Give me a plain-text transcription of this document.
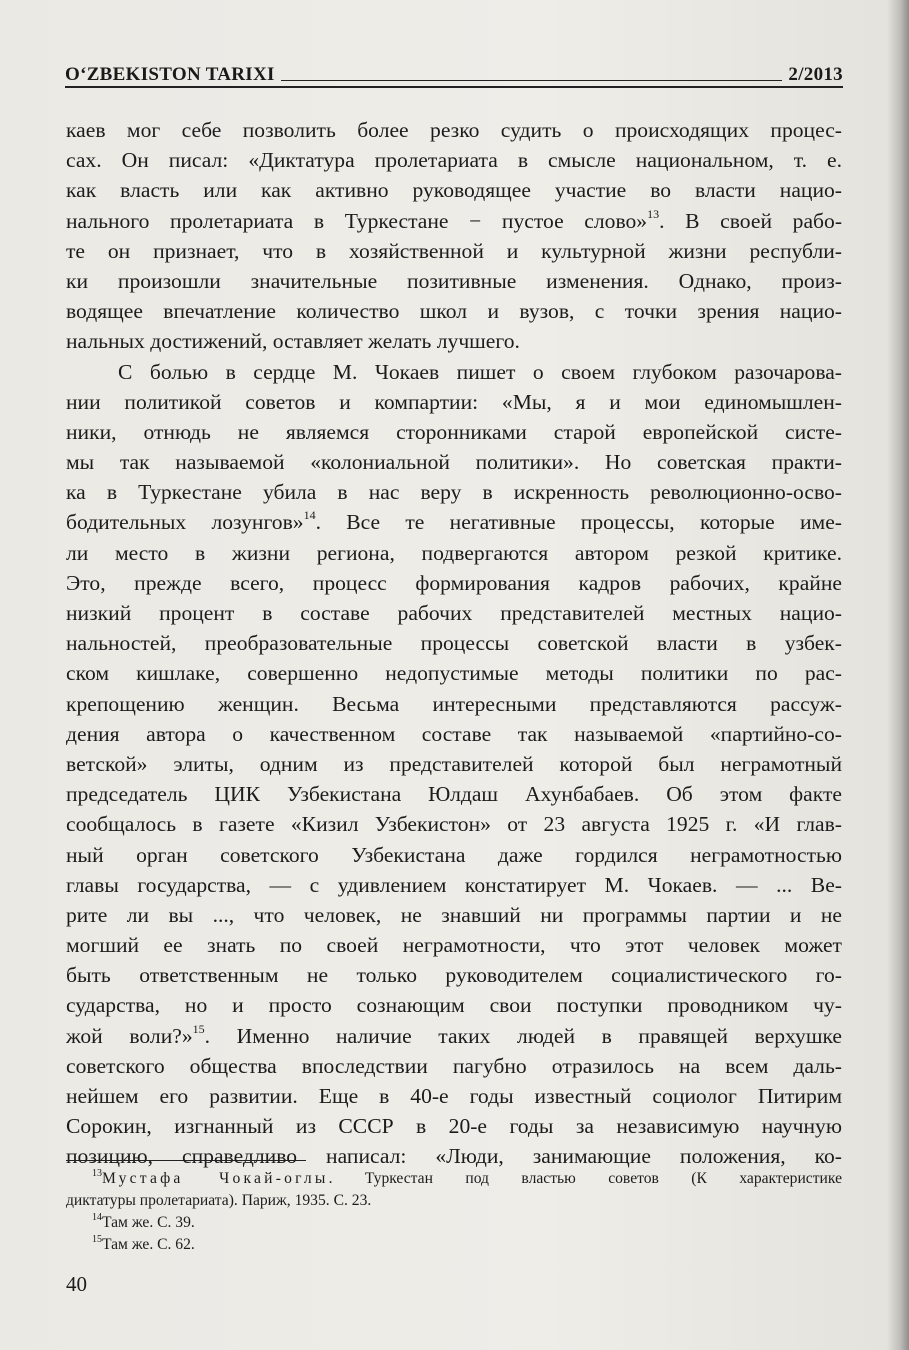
O‘ZBEKISTON TARIXI	2/2013
каев мог себе позволить более резко судить о происходящих процес-
сах. Он писал: «Диктатура пролетариата в смысле национальном, т. е.
как власть или как активно руководящее участие во власти нацио-
нального пролетариата в Туркестане − пустое слово»$^{13}$. В своей рабо-
те он признает, что в хозяйственной и культурной жизни республи-
ки произошли значительные позитивные изменения. Однако, произ-
водящее впечатление количество школ и вузов, с точки зрения нацио-
нальных достижений, оставляет желать лучшего.
С болью в сердце М. Чокаев пишет о своем глубоком разочарова-
нии политикой советов и компартии: «Мы, я и мои единомышлен-
ники, отнюдь не являемся сторонниками старой европейской систе-
мы так называемой «колониальной политики». Но советская практи-
ка в Туркестане убила в нас веру в искренность революционно-осво-
бодительных лозунгов»$^{14}$. Все те негативные процессы, которые име-
ли место в жизни региона, подвергаются автором резкой критике.
Это, прежде всего, процесс формирования кадров рабочих, крайне
низкий процент в составе рабочих представителей местных нацио-
нальностей, преобразовательные процессы советской власти в узбек-
ском кишлаке, совершенно недопустимые методы политики по рас-
крепощению женщин. Весьма интересными представляются рассуж-
дения автора о качественном составе так называемой «партийно-со-
ветской» элиты, одним из представителей которой был неграмотный
председатель ЦИК Узбекистана Юлдаш Ахунбабаев. Об этом факте
сообщалось в газете «Кизил Узбекистон» от 23 августа 1925 г. «И глав-
ный орган советского Узбекистана даже гордился неграмотностью
главы государства, — с удивлением констатирует М. Чокаев. — ... Ве-
рите ли вы ..., что человек, не знавший ни программы партии и не
могший ее знать по своей неграмотности, что этот человек может
быть ответственным не только руководителем социалистического го-
сударства, но и просто сознающим свои поступки проводником чу-
жой воли?»$^{15}$. Именно наличие таких людей в правящей верхушке
советского общества впоследствии пагубно отразилось на всем даль-
нейшем его развитии. Еще в 40-е годы известный социолог Питирим
Сорокин, изгнанный из СССР в 20-е годы за независимую научную
позицию, справедливо написал: «Люди, занимающие положения, ко-
$^{13}$Мустафа Чокай-оглы. Туркестан под властью советов (К характеристике
диктатуры пролетариата). Париж, 1935. С. 23.
$^{14}$Там же. С. 39.
$^{15}$Там же. С. 62.
40
